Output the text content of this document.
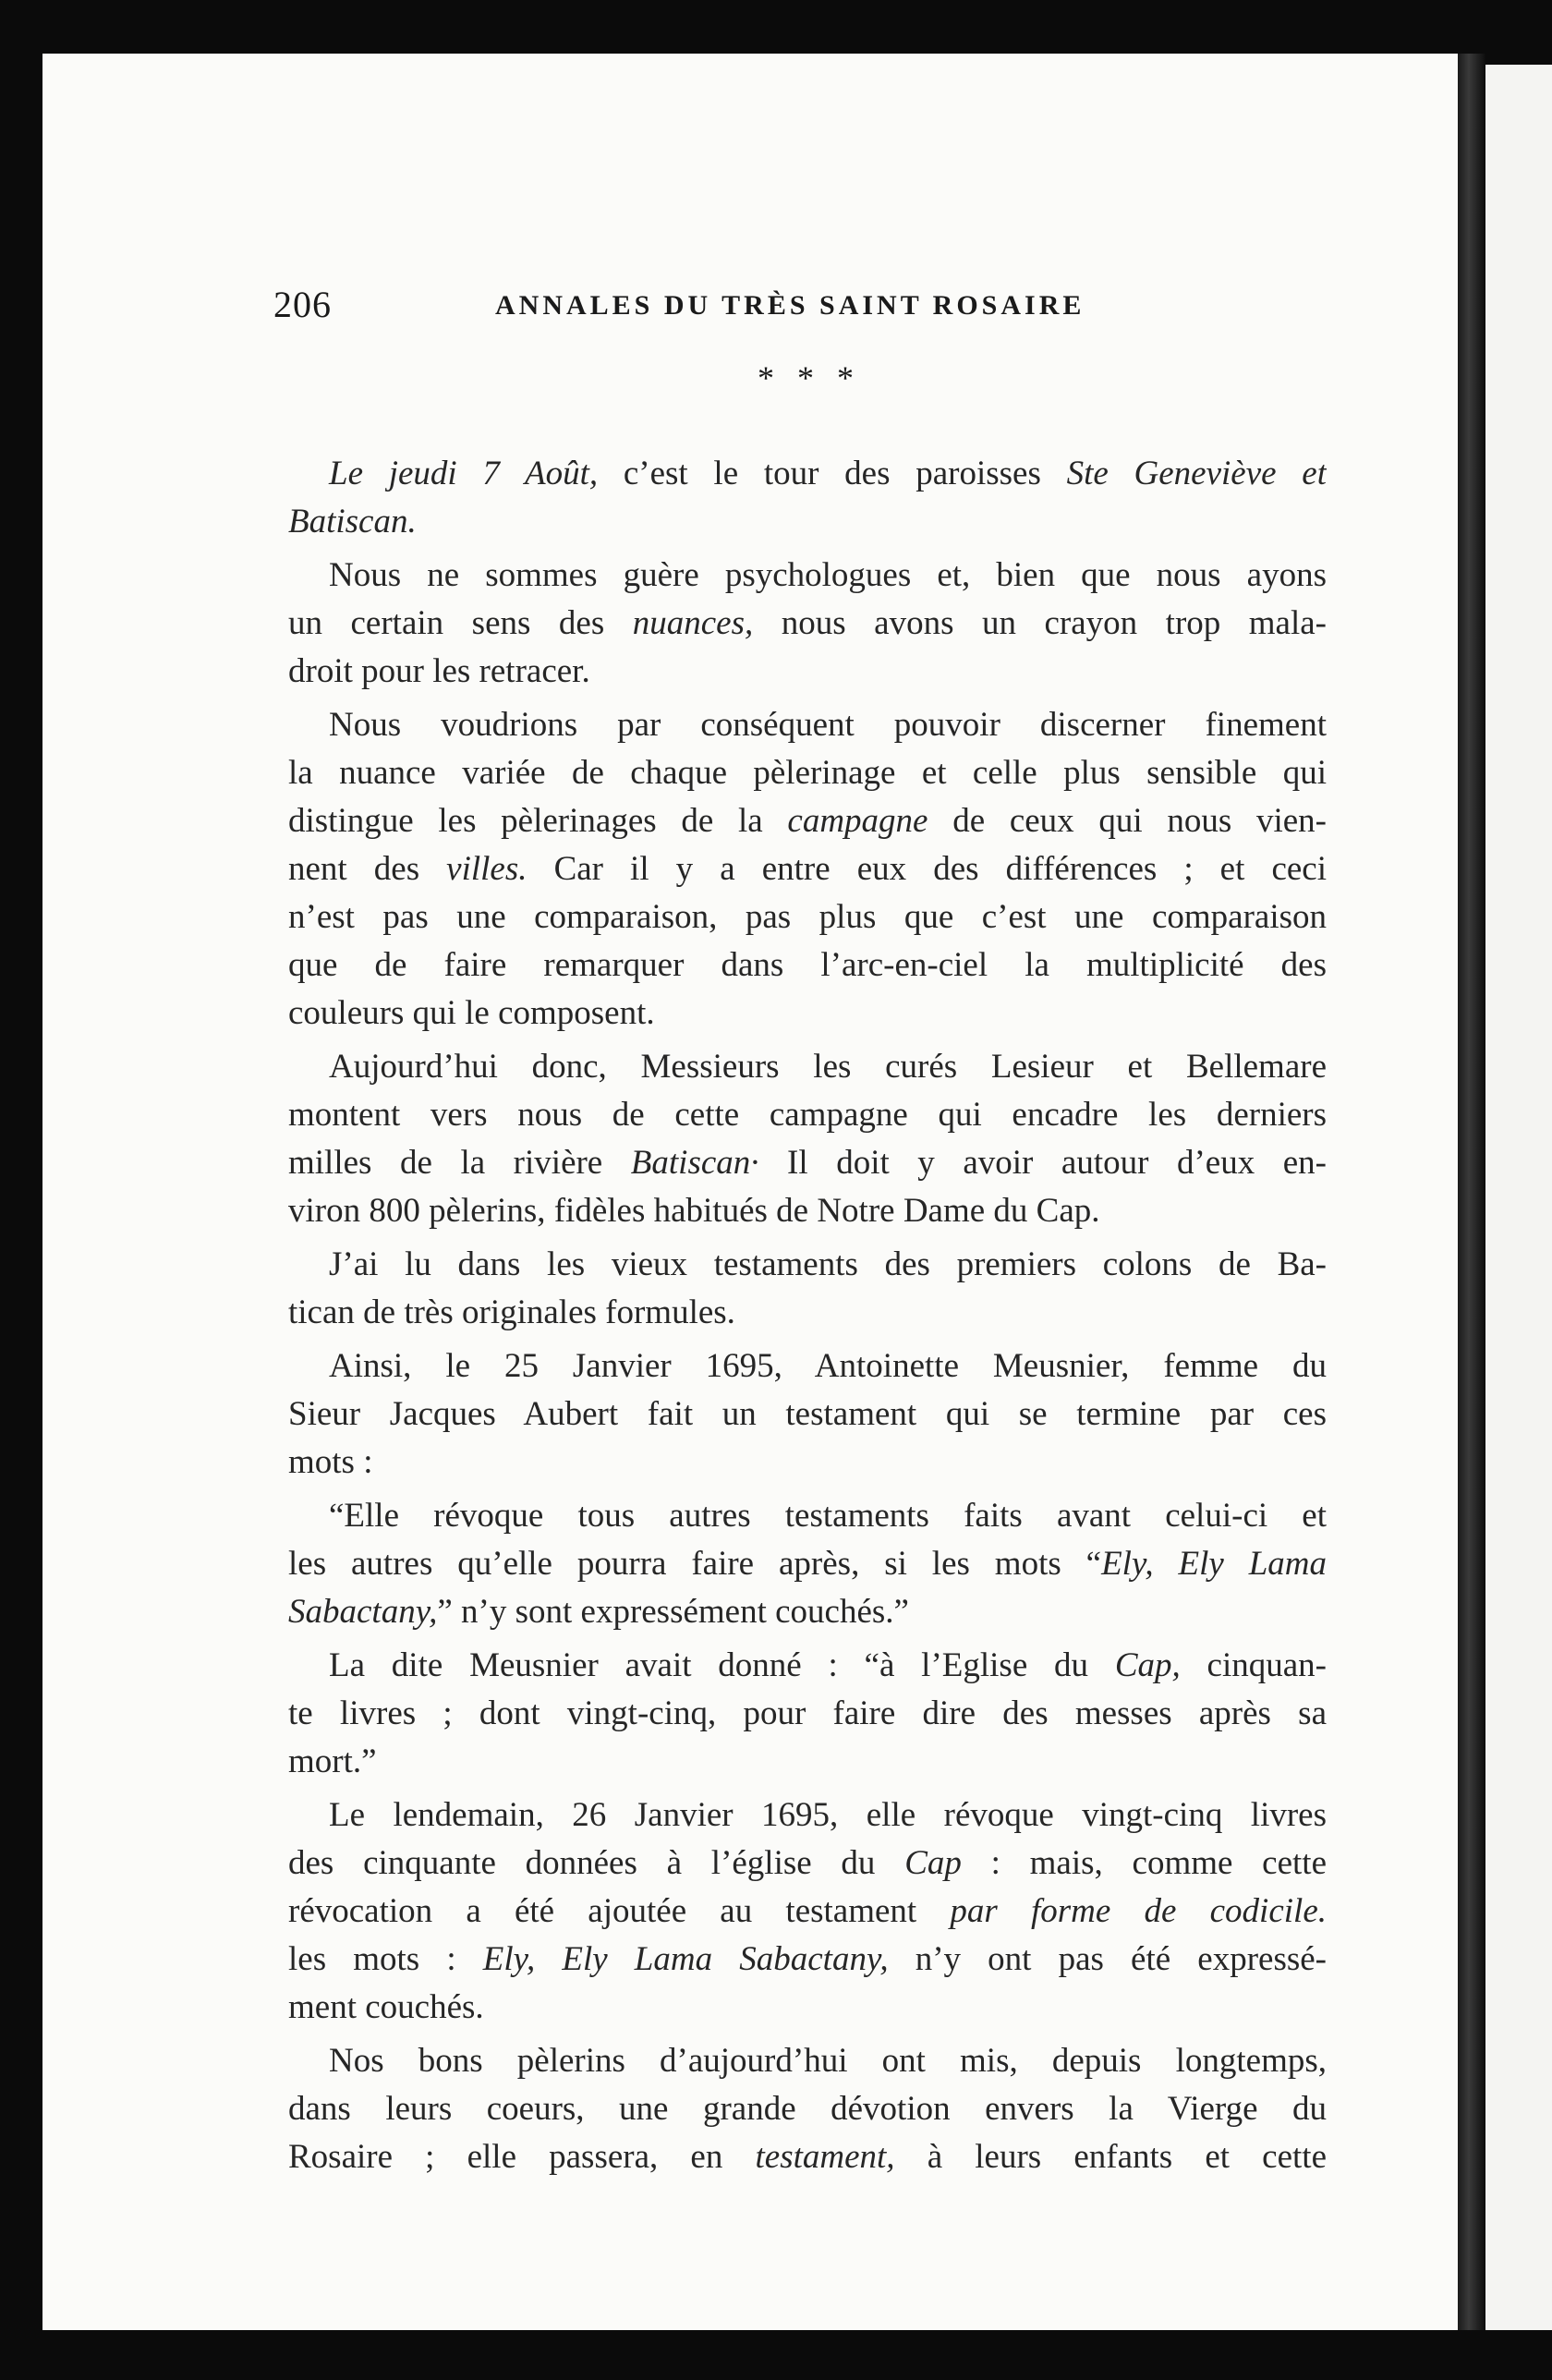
206	ANNALES DU TRÈS SAINT ROSAIRE
* * *
Le jeudi 7 Août, c’est le tour des paroisses Ste Geneviève et
Batiscan.
Nous ne sommes guère psychologues et, bien que nous ayons
un certain sens des nuances, nous avons un crayon trop mala-
droit pour les retracer.
Nous voudrions par conséquent pouvoir discerner finement
la nuance variée de chaque pèlerinage et celle plus sensible qui
distingue les pèlerinages de la campagne de ceux qui nous vien-
nent des villes. Car il y a entre eux des différences ; et ceci
n’est pas une comparaison, pas plus que c’est une comparaison
que de faire remarquer dans l’arc-en-ciel la multiplicité des
couleurs qui le composent.
Aujourd’hui donc, Messieurs les curés Lesieur et Bellemare
montent vers nous de cette campagne qui encadre les derniers
milles de la rivière Batiscan· Il doit y avoir autour d’eux en-
viron 800 pèlerins, fidèles habitués de Notre Dame du Cap.
J’ai lu dans les vieux testaments des premiers colons de Ba-
tican de très originales formules.
Ainsi, le 25 Janvier 1695, Antoinette Meusnier, femme du
Sieur Jacques Aubert fait un testament qui se termine par ces
mots :
“Elle révoque tous autres testaments faits avant celui-ci et
les autres qu’elle pourra faire après, si les mots “Ely, Ely Lama
Sabactany,” n’y sont expressément couchés.”
La dite Meusnier avait donné : “à l’Eglise du Cap, cinquan-
te livres ; dont vingt-cinq, pour faire dire des messes après sa
mort.”
Le lendemain, 26 Janvier 1695, elle révoque vingt-cinq livres
des cinquante données à l’église du Cap : mais, comme cette
révocation a été ajoutée au testament par forme de codicile.
les mots : Ely, Ely Lama Sabactany, n’y ont pas été expressé-
ment couchés.
Nos bons pèlerins d’aujourd’hui ont mis, depuis longtemps,
dans leurs coeurs, une grande dévotion envers la Vierge du
Rosaire ; elle passera, en testament, à leurs enfants et cette
